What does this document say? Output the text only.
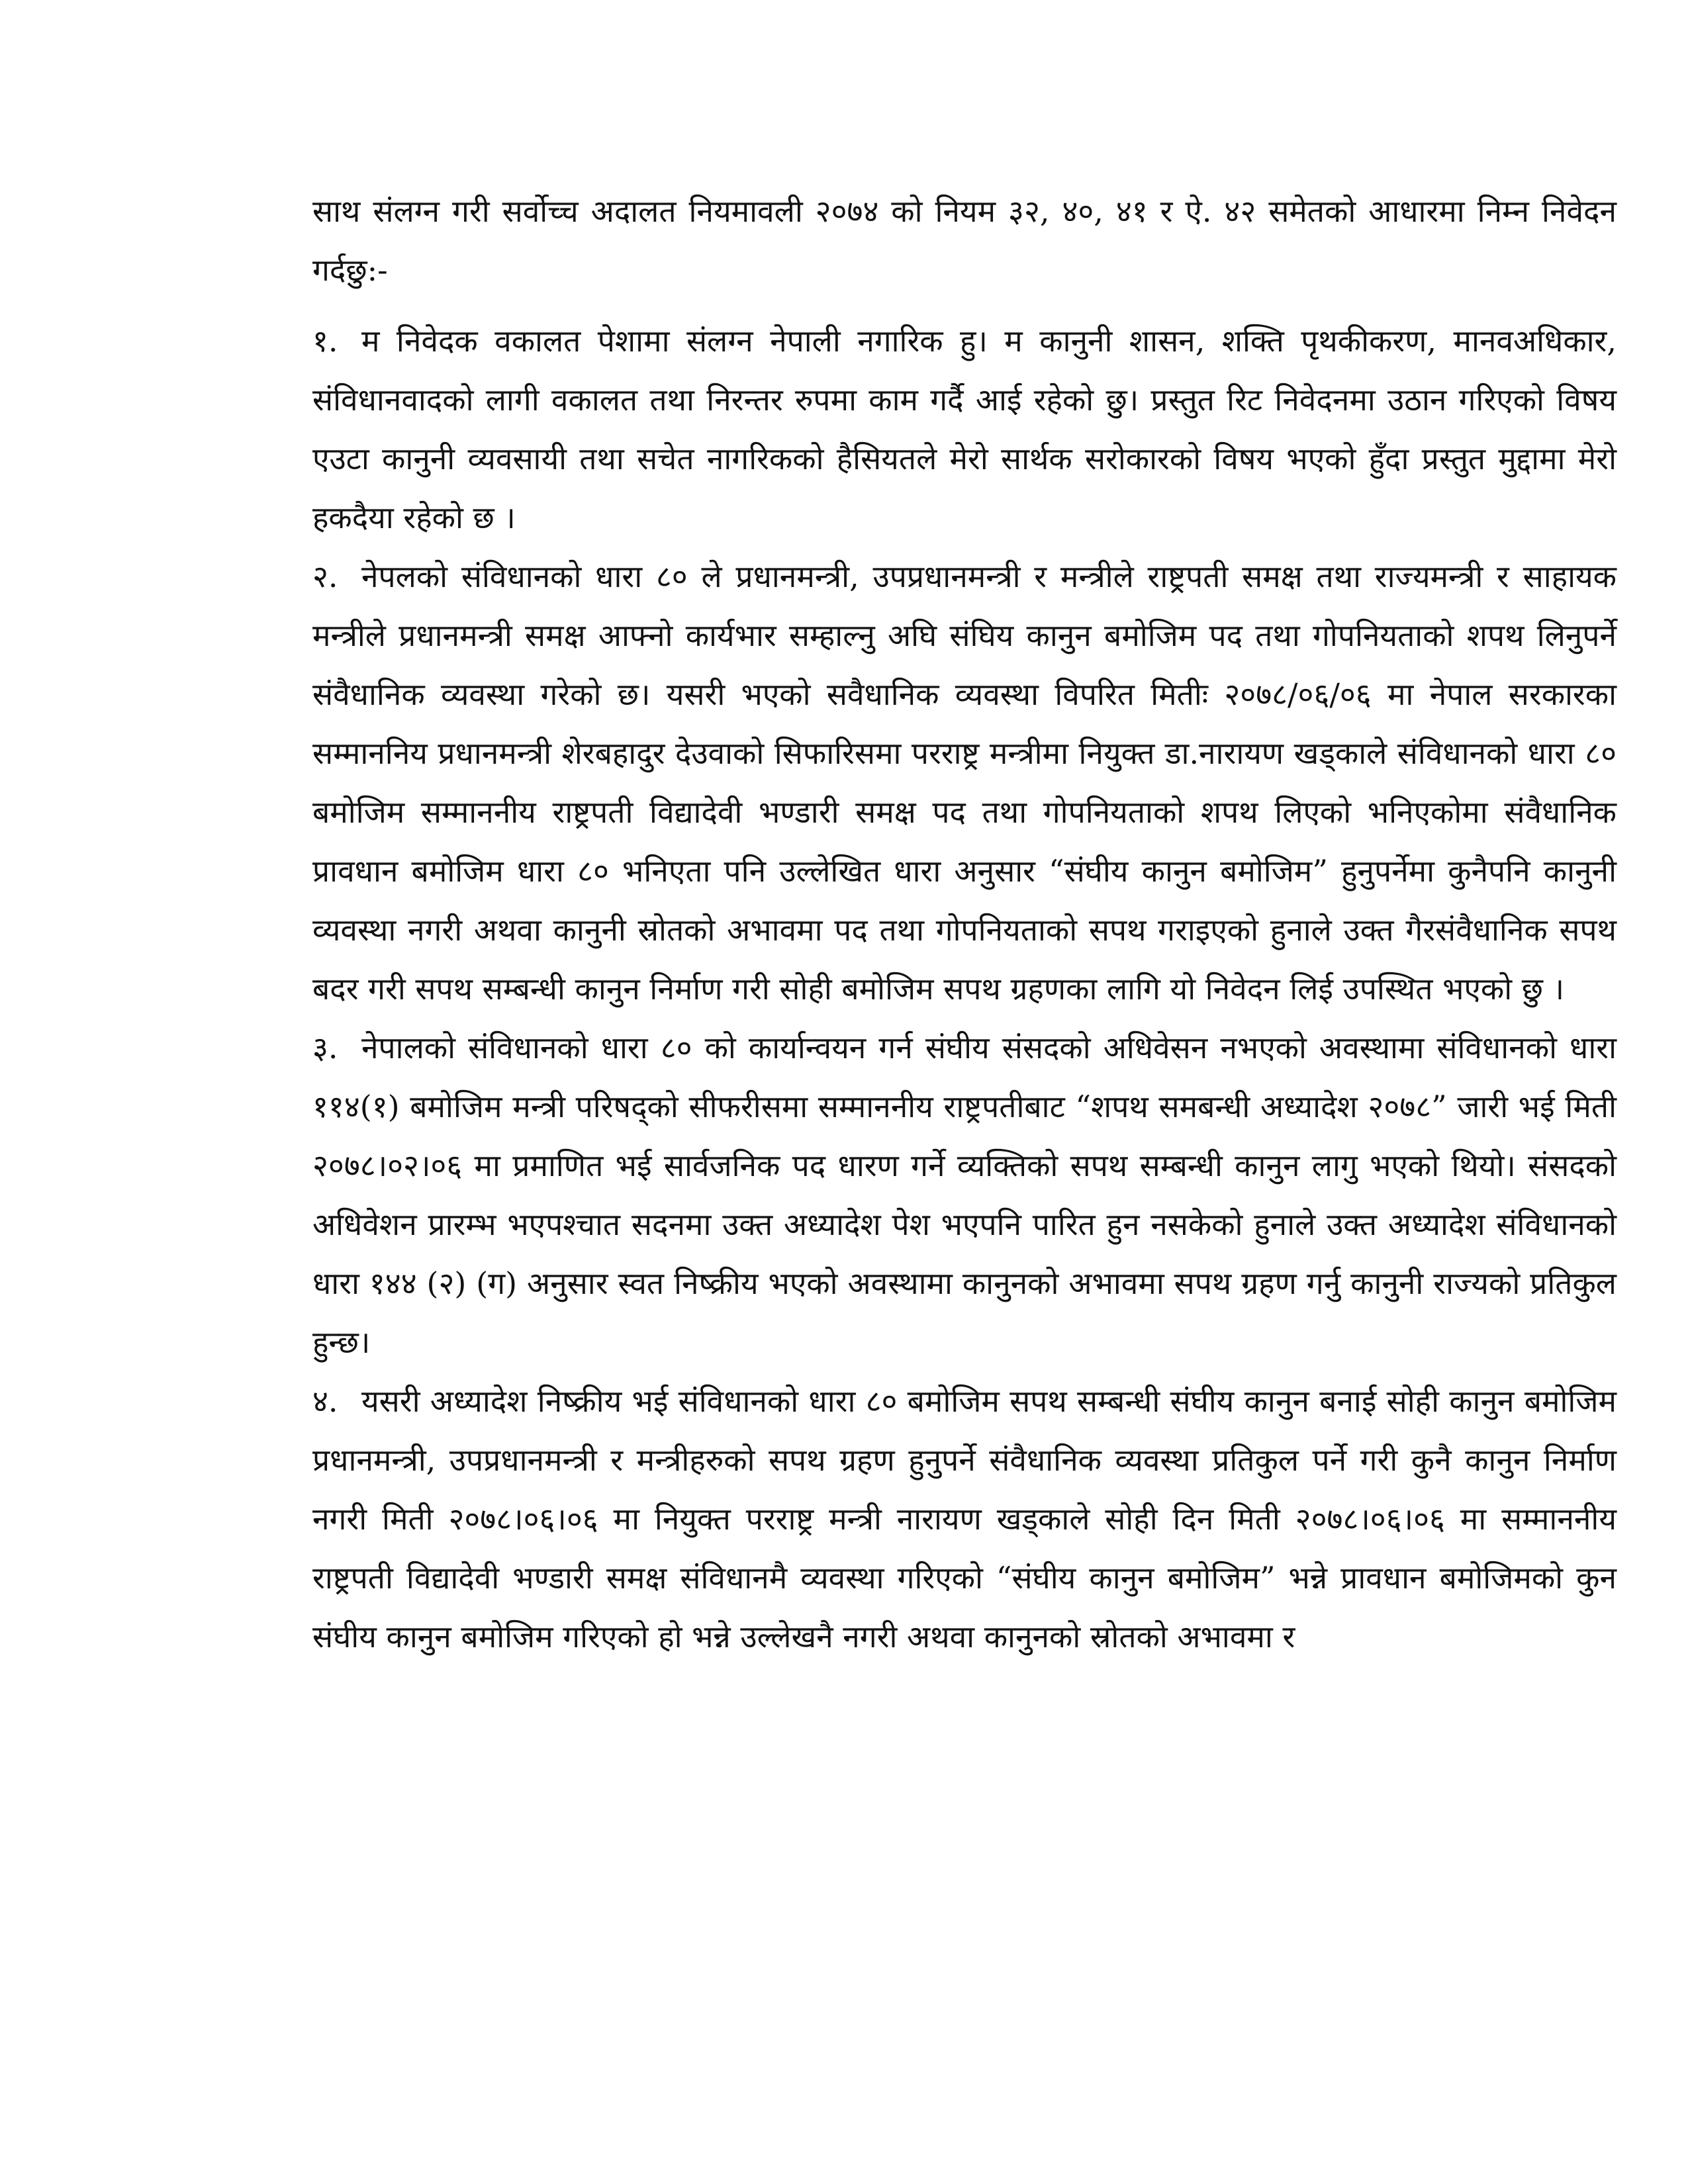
साथ संलग्न गरी सर्वोच्च अदालत नियमावली २०७४ को नियम ३२, ४०, ४१ र ऐ. ४२ समेतको आधारमा निम्न निवेदन गर्दछु:-

१. म निवेदक वकालत पेशामा संलग्न नेपाली नगारिक हु। म कानुनी शासन, शक्ति पृथकीकरण, मानवअधिकार, संविधानवादको लागी वकालत तथा निरन्तर रुपमा काम गर्दै आई रहेको छु। प्रस्तुत रिट निवेदनमा उठान गरिएको विषय एउटा कानुनी व्यवसायी तथा सचेत नागरिकको हैसियतले मेरो सार्थक सरोकारको विषय भएको हुँदा प्रस्तुत मुद्दामा मेरो हकदैया रहेको छ ।

२. नेपलको संविधानको धारा ८० ले प्रधानमन्त्री, उपप्रधानमन्त्री र मन्त्रीले राष्ट्रपती समक्ष तथा राज्यमन्त्री र साहायक मन्त्रीले प्रधानमन्त्री समक्ष आफ्नो कार्यभार सम्हाल्नु अघि संघिय कानुन बमोजिम पद तथा गोपनियताको शपथ लिनुपर्ने संवैधानिक व्यवस्था गरेको छ। यसरी भएको सवैधानिक व्यवस्था विपरित मितीः २०७८/०६/०६ मा नेपाल सरकारका सम्माननिय प्रधानमन्त्री शेरबहादुर देउवाको सिफारिसमा परराष्ट्र मन्त्रीमा नियुक्त डा.नारायण खड्काले संविधानको धारा ८० बमोजिम सम्माननीय राष्ट्रपती विद्यादेवी भण्डारी समक्ष पद तथा गोपनियताको शपथ लिएको भनिएकोमा संवैधानिक प्रावधान बमोजिम धारा ८० भनिएता पनि उल्लेखित धारा अनुसार “संघीय कानुन बमोजिम” हुनुपर्नेमा कुनैपनि कानुनी व्यवस्था नगरी अथवा कानुनी स्रोतको अभावमा पद तथा गोपनियताको सपथ गराइएको हुनाले उक्त गैरसंवैधानिक सपथ बदर गरी सपथ सम्बन्धी कानुन निर्माण गरी सोही बमोजिम सपथ ग्रहणका लागि यो निवेदन लिई उपस्थित भएको छु ।

३. नेपालको संविधानको धारा ८० को कार्यान्वयन गर्न संघीय संसदको अधिवेसन नभएको अवस्थामा संविधानको धारा ११४(१) बमोजिम मन्त्री परिषद्को सीफरीसमा सम्माननीय राष्ट्रपतीबाट “शपथ समबन्धी अध्यादेश २०७८” जारी भई मिती २०७८।०२।०६ मा प्रमाणित भई सार्वजनिक पद धारण गर्ने व्यक्तिको सपथ सम्बन्धी कानुन लागु भएको थियो। संसदको अधिवेशन प्रारम्भ भएपश्चात सदनमा उक्त अध्यादेश पेश भएपनि पारित हुन नसकेको हुनाले उक्त अध्यादेश संविधानको धारा १४४ (२) (ग) अनुसार स्वत निष्क्रीय भएको अवस्थामा कानुनको अभावमा सपथ ग्रहण गर्नु कानुनी राज्यको प्रतिकुल हुन्छ।

४. यसरी अध्यादेश निष्क्रीय भई संविधानको धारा ८० बमोजिम सपथ सम्बन्धी संघीय कानुन बनाई सोही कानुन बमोजिम प्रधानमन्त्री, उपप्रधानमन्त्री र मन्त्रीहरुको सपथ ग्रहण हुनुपर्ने संवैधानिक व्यवस्था प्रतिकुल पर्ने गरी कुनै कानुन निर्माण नगरी मिती २०७८।०६।०६ मा नियुक्त परराष्ट्र मन्त्री नारायण खड्काले सोही दिन मिती २०७८।०६।०६ मा सम्माननीय राष्ट्रपती विद्यादेवी भण्डारी समक्ष संविधानमै व्यवस्था गरिएको “संघीय कानुन बमोजिम” भन्ने प्रावधान बमोजिमको कुन संघीय कानुन बमोजिम गरिएको हो भन्ने उल्लेखनै नगरी अथवा कानुनको स्रोतको अभावमा र
